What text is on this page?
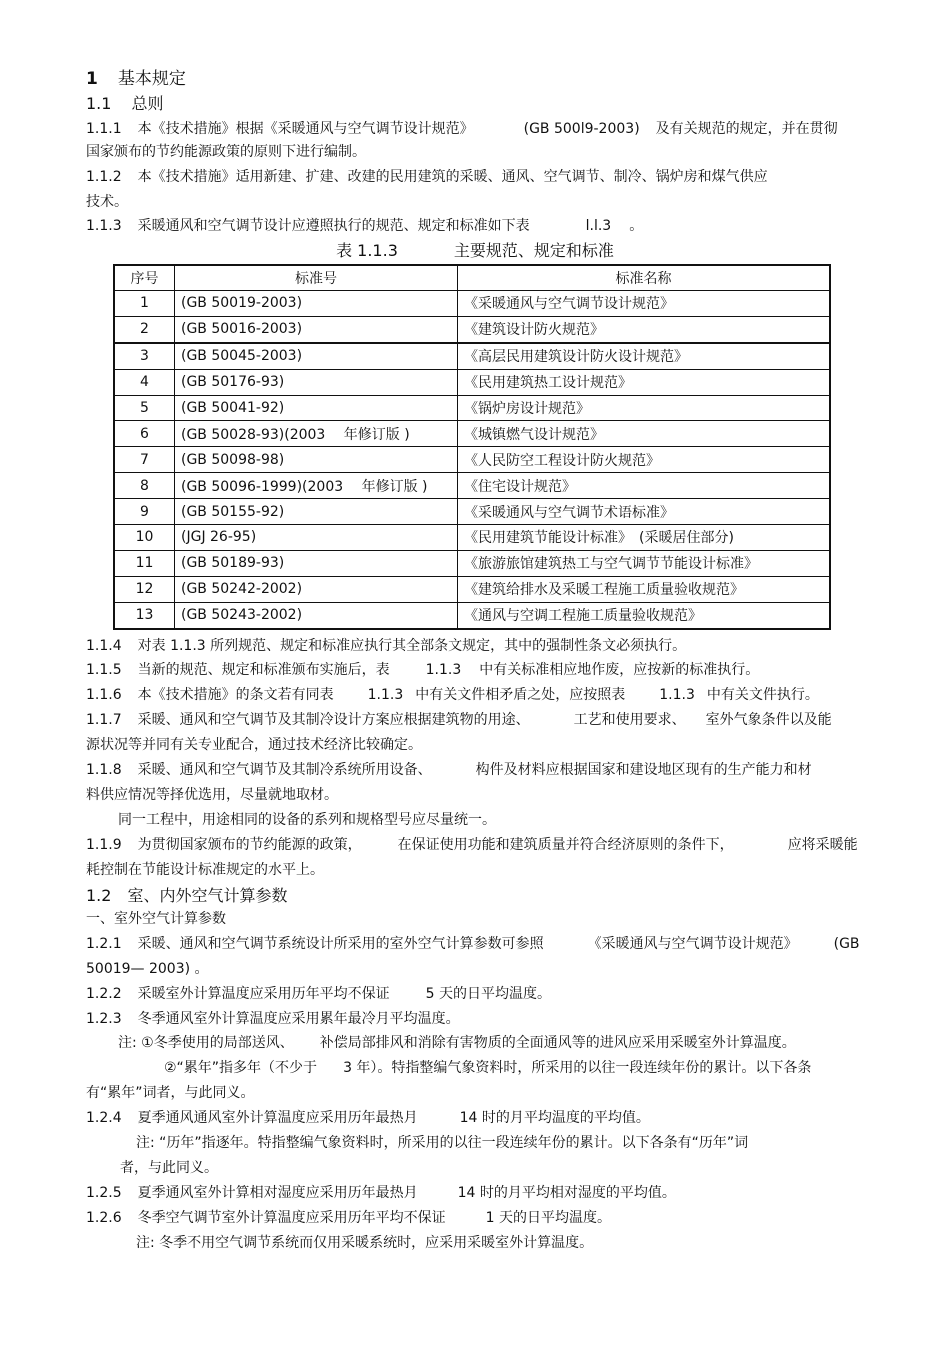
1 基本规定
1.1 总则
1.1.1 本《技术措施》根据《采暖通风与空气调节设计规范》	(GB 500l9-2003) 及有关规范的规定，并在贯彻
国家颁布的节约能源政策的原则下进行编制。
1.1.2 本《技术措施》适用新建、扩建、改建的民用建筑的采暖、通风、空气调节、制冷、锅炉房和煤气供应
技术。
1.1.3 采暖通风和空气调节设计应遵照执行的规范、规定和标准如下表	l.l.3 。
表 1.1.3	主要规范、规定和标准
序号	标准号	标准名称
1	(GB 50019-2003)	《采暖通风与空气调节设计规范》
2	(GB 50016-2003)	《建筑设计防火规范》
3	(GB 50045-2003)	《高层民用建筑设计防火设计规范》
4	(GB 50176-93)	《民用建筑热工设计规范》
5	(GB 50041-92)	《锅炉房设计规范》
6	(GB 50028-93)(2003　 年修订版 )	《城镇燃气设计规范》
7	(GB 50098-98)	《人民防空工程设计防火规范》
8	(GB 50096-1999)(2003　 年修订版 )	《住宅设计规范》
9	(GB 50155-92)	《采暖通风与空气调节术语标准》
10	(JGJ 26-95)	《民用建筑节能设计标准》　(采暖居住部分)
11	(GB 50189-93)	《旅游旅馆建筑热工与空气调节节能设计标准》
12	(GB 50242-2002)	《建筑给排水及采暖工程施工质量验收规范》
13	(GB 50243-2002)	《通风与空调工程施工质量验收规范》
1.1.4 对表 1.1.3 所列规范、规定和标准应执行其全部条文规定，其中的强制性条文必须执行。
1.1.5 当新的规范、规定和标准颁布实施后，表	1.1.3 中有关标准相应地作废，应按新的标准执行。
1.1.6 本《技术措施》的条文若有同表 1.1.3 中有关文件相矛盾之处，应按照表 1.1.3 中有关文件执行。
1.1.7 采暖、通风和空气调节及其制冷设计方案应根据建筑物的用途、	工艺和使用要求、 室外气象条件以及能
源状况等并同有关专业配合，通过技术经济比较确定。
1.1.8 采暖、通风和空气调节及其制冷系统所用设备、	构件及材料应根据国家和建设地区现有的生产能力和材
料供应情况等择优选用，尽量就地取材。
同一工程中，用途相同的设备的系列和规格型号应尽量统一。
1.1.9 为贯彻国家颁布的节约能源的政策，	在保证使用功能和建筑质量并符合经济原则的条件下，	应将采暖能
耗控制在节能设计标准规定的水平上。
1.2 室、内外空气计算参数
一、室外空气计算参数
1.2.1 采暖、通风和空气调节系统设计所采用的室外空气计算参数可参照	《采暖通风与空气调节设计规范》	(GB
50019— 2003) 。
1.2.2 采暖室外计算温度应采用历年平均不保证	5 天的日平均温度。
1.2.3 冬季通风室外计算温度应采用累年最冷月平均温度。
注: ①冬季使用的局部送风、 补偿局部排风和消除有害物质的全面通风等的进风应采用采暖室外计算温度。
②“累年”指多年（不少于 3 年）。特指整编气象资料时，所采用的以往一段连续年份的累计。以下各条
有“累年”词者，与此同义。
1.2.4 夏季通风通风室外计算温度应采用历年最热月	14 时的月平均温度的平均值。
注: “历年”指逐年。特指整编气象资料时，所采用的以往一段连续年份的累计。以下各条有“历年”词
者，与此同义。
1.2.5 夏季通风室外计算相对湿度应采用历年最热月	14 时的月平均相对湿度的平均值。
1.2.6 冬季空气调节室外计算温度应采用历年平均不保证	1 天的日平均温度。
注: 冬季不用空气调节系统而仅用采暖系统时，应采用采暖室外计算温度。
